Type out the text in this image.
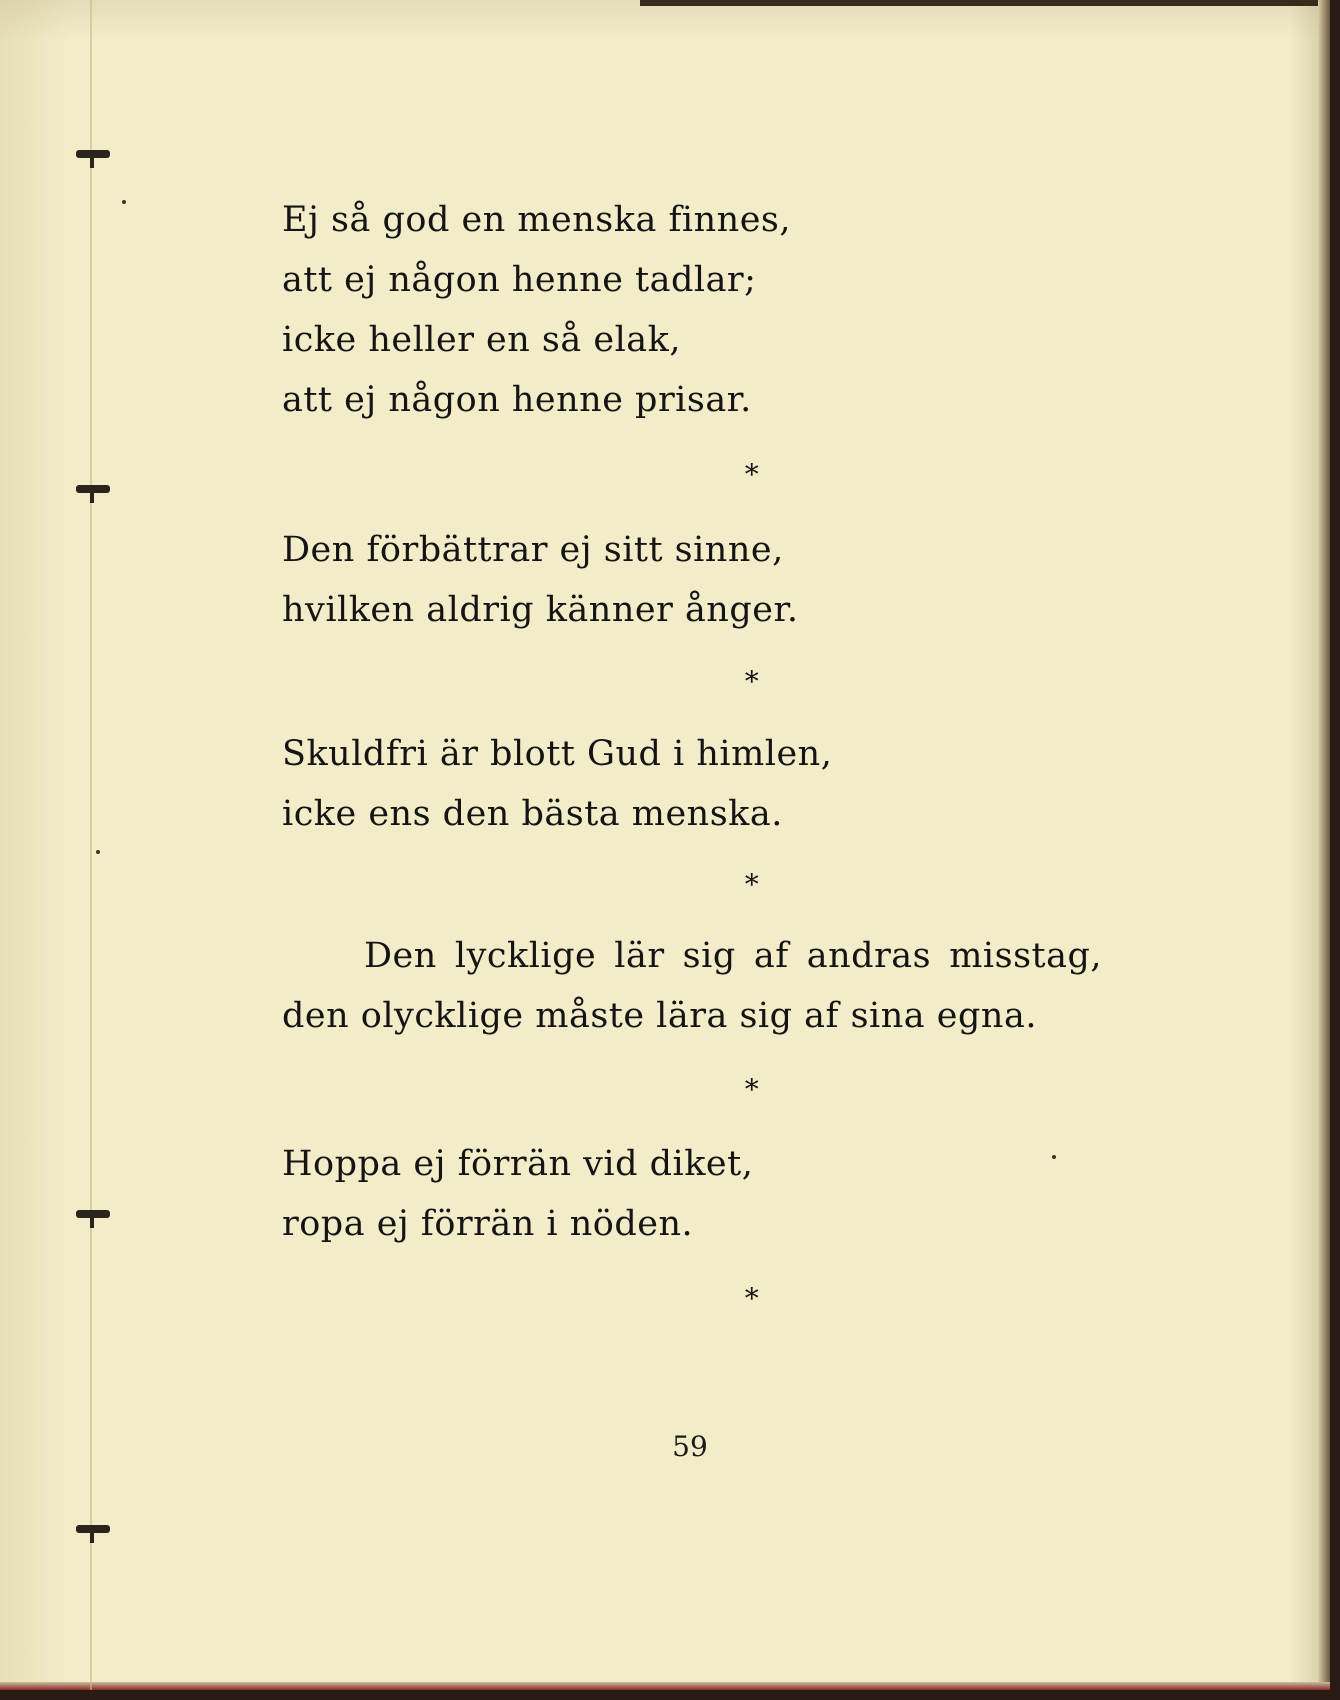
Ej så god en menska finnes,
att ej någon henne tadlar;
icke heller en så elak,
att ej någon henne prisar.
*
Den förbättrar ej sitt sinne,
hvilken aldrig känner ånger.
*
Skuldfri är blott Gud i himlen,
icke ens den bästa menska.
*
Den lycklige lär sig af andras misstag, den olycklige måste lära sig af sina egna.
*
Hoppa ej förrän vid diket,
ropa ej förrän i nöden.
*
59
